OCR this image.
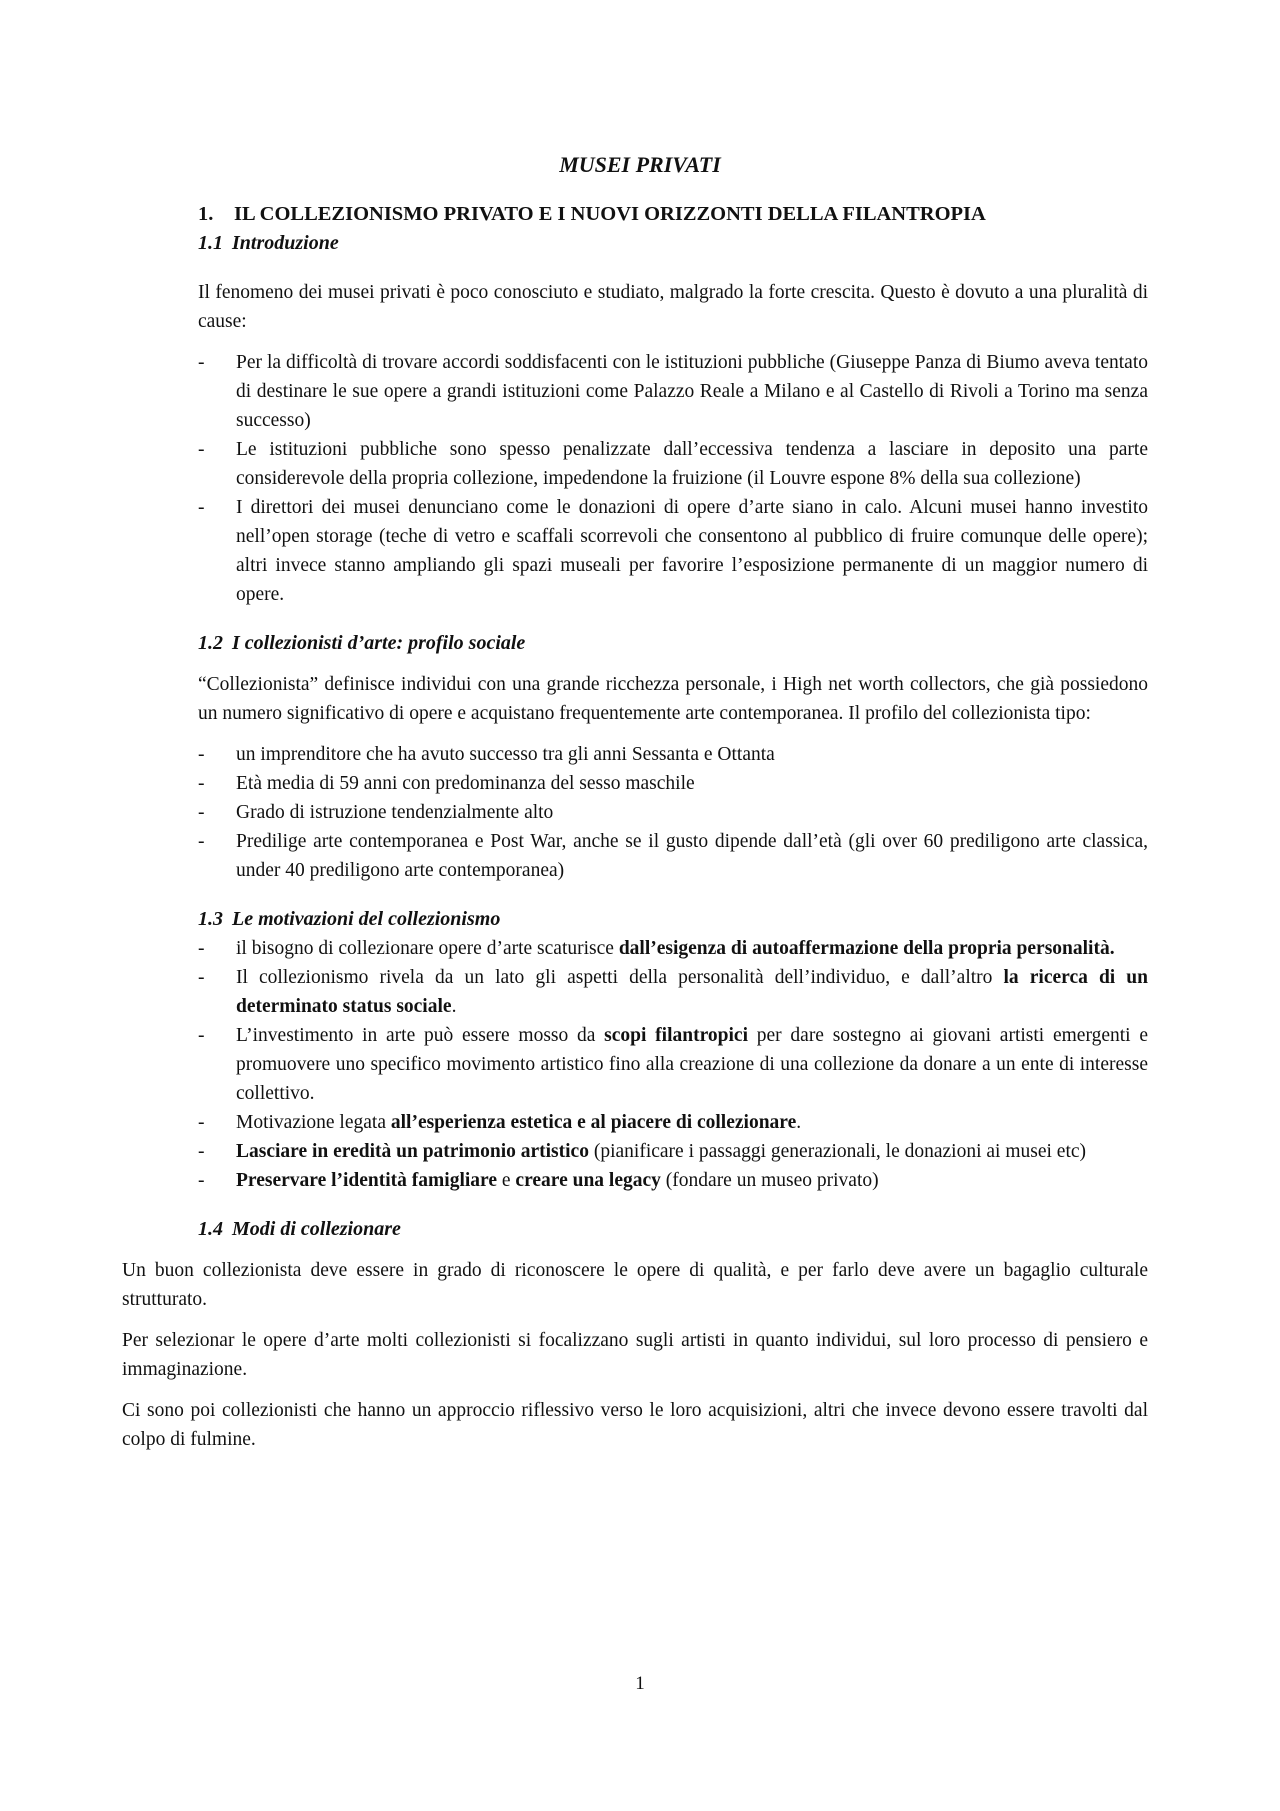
MUSEI PRIVATI
1.	IL COLLEZIONISMO PRIVATO E I NUOVI ORIZZONTI DELLA FILANTROPIA
1.1 Introduzione

Il fenomeno dei musei privati è poco conosciuto e studiato, malgrado la forte crescita. Questo è dovuto a una pluralità di cause:

- Per la difficoltà di trovare accordi soddisfacenti con le istituzioni pubbliche (Giuseppe Panza di Biumo aveva tentato di destinare le sue opere a grandi istituzioni come Palazzo Reale a Milano e al Castello di Rivoli a Torino ma senza successo)
- Le istituzioni pubbliche sono spesso penalizzate dall’eccessiva tendenza a lasciare in deposito una parte considerevole della propria collezione, impedendone la fruizione (il Louvre espone 8% della sua collezione)
- I direttori dei musei denunciano come le donazioni di opere d’arte siano in calo. Alcuni musei hanno investito nell’open storage (teche di vetro e scaffali scorrevoli che consentono al pubblico di fruire comunque delle opere); altri invece stanno ampliando gli spazi museali per favorire l’esposizione permanente di un maggior numero di opere.
1.2 I collezionisti d’arte: profilo sociale

“Collezionista” definisce individui con una grande ricchezza personale, i High net worth collectors, che già possiedono un numero significativo di opere e acquistano frequentemente arte contemporanea. Il profilo del collezionista tipo:

- un imprenditore che ha avuto successo tra gli anni Sessanta e Ottanta
- Età media di 59 anni con predominanza del sesso maschile
- Grado di istruzione tendenzialmente alto
- Predilige arte contemporanea e Post War, anche se il gusto dipende dall’età (gli over 60 prediligono arte classica, under 40 prediligono arte contemporanea)
1.3 Le motivazioni del collezionismo
- il bisogno di collezionare opere d’arte scaturisce dall’esigenza di autoaffermazione della propria personalità.
- Il collezionismo rivela da un lato gli aspetti della personalità dell’individuo, e dall’altro la ricerca di un determinato status sociale.
- L’investimento in arte può essere mosso da scopi filantropici per dare sostegno ai giovani artisti emergenti e promuovere uno specifico movimento artistico fino alla creazione di una collezione da donare a un ente di interesse collettivo.
- Motivazione legata all’esperienza estetica e al piacere di collezionare.
- Lasciare in eredità un patrimonio artistico (pianificare i passaggi generazionali, le donazioni ai musei etc)
- Preservare l’identità famigliare e creare una legacy (fondare un museo privato)
1.4 Modi di collezionare

Un buon collezionista deve essere in grado di riconoscere le opere di qualità, e per farlo deve avere un bagaglio culturale strutturato.

Per selezionar le opere d’arte molti collezionisti si focalizzano sugli artisti in quanto individui, sul loro processo di pensiero e immaginazione.

Ci sono poi collezionisti che hanno un approccio riflessivo verso le loro acquisizioni, altri che invece devono essere travolti dal colpo di fulmine.

1
